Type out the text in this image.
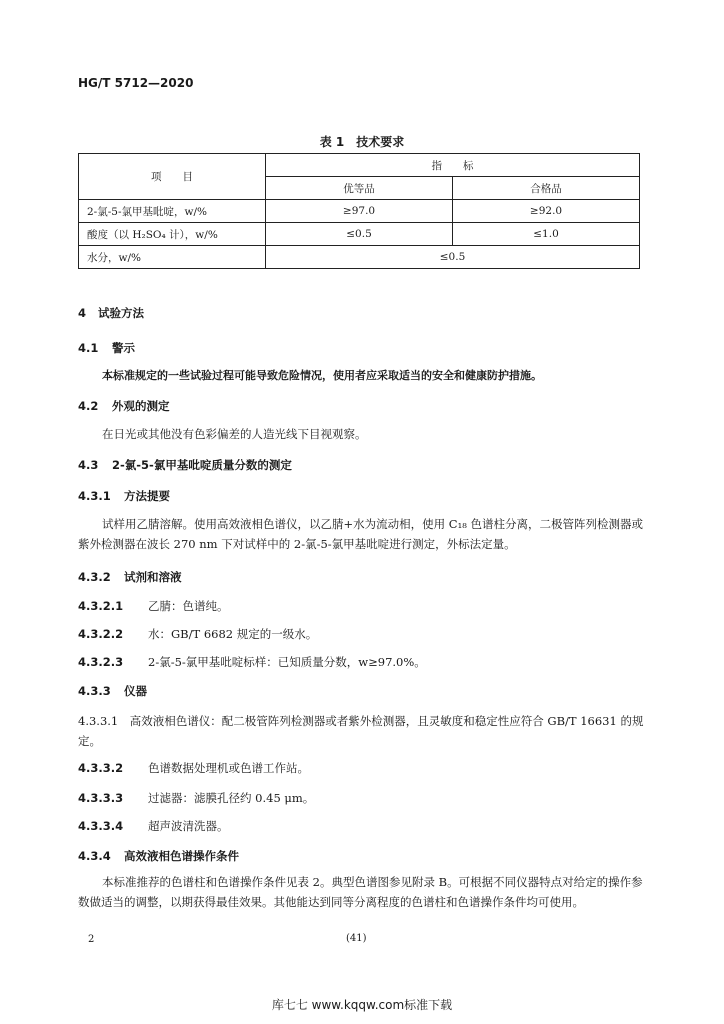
HG/T 5712—2020
表 1　技术要求
项　　目	指　　标	
	优等品	合格品
2-氯-5-氯甲基吡啶，w/%	≥97.0	≥92.0
酸度（以 H₂SO₄ 计），w/%	≤0.5	≤1.0
水分，w/%	≤0.5	
4 试验方法
4.1 警示
本标准规定的一些试验过程可能导致危险情况，使用者应采取适当的安全和健康防护措施。
4.2 外观的测定
在日光或其他没有色彩偏差的人造光线下目视观察。
4.3 2-氯-5-氯甲基吡啶质量分数的测定
4.3.1 方法提要
试样用乙腈溶解。使用高效液相色谱仪，以乙腈+水为流动相，使用 C₁₈ 色谱柱分离，二极管阵列检测器或紫外检测器在波长 270 nm 下对试样中的 2-氯-5-氯甲基吡啶进行测定，外标法定量。
4.3.2 试剂和溶液
4.3.2.1 乙腈：色谱纯。
4.3.2.2 水：GB/T 6682 规定的一级水。
4.3.2.3 2-氯-5-氯甲基吡啶标样：已知质量分数，w≥97.0%。
4.3.3 仪器
4.3.3.1　高效液相色谱仪：配二极管阵列检测器或者紫外检测器，且灵敏度和稳定性应符合 GB/T 16631 的规定。
4.3.3.2 色谱数据处理机或色谱工作站。
4.3.3.3 过滤器：滤膜孔径约 0.45 μm。
4.3.3.4 超声波清洗器。
4.3.4 高效液相色谱操作条件
本标准推荐的色谱柱和色谱操作条件见表 2。典型色谱图参见附录 B。可根据不同仪器特点对给定的操作参数做适当的调整，以期获得最佳效果。其他能达到同等分离程度的色谱柱和色谱操作条件均可使用。
2	(41)
库七七 www.kqqw.com标准下载
